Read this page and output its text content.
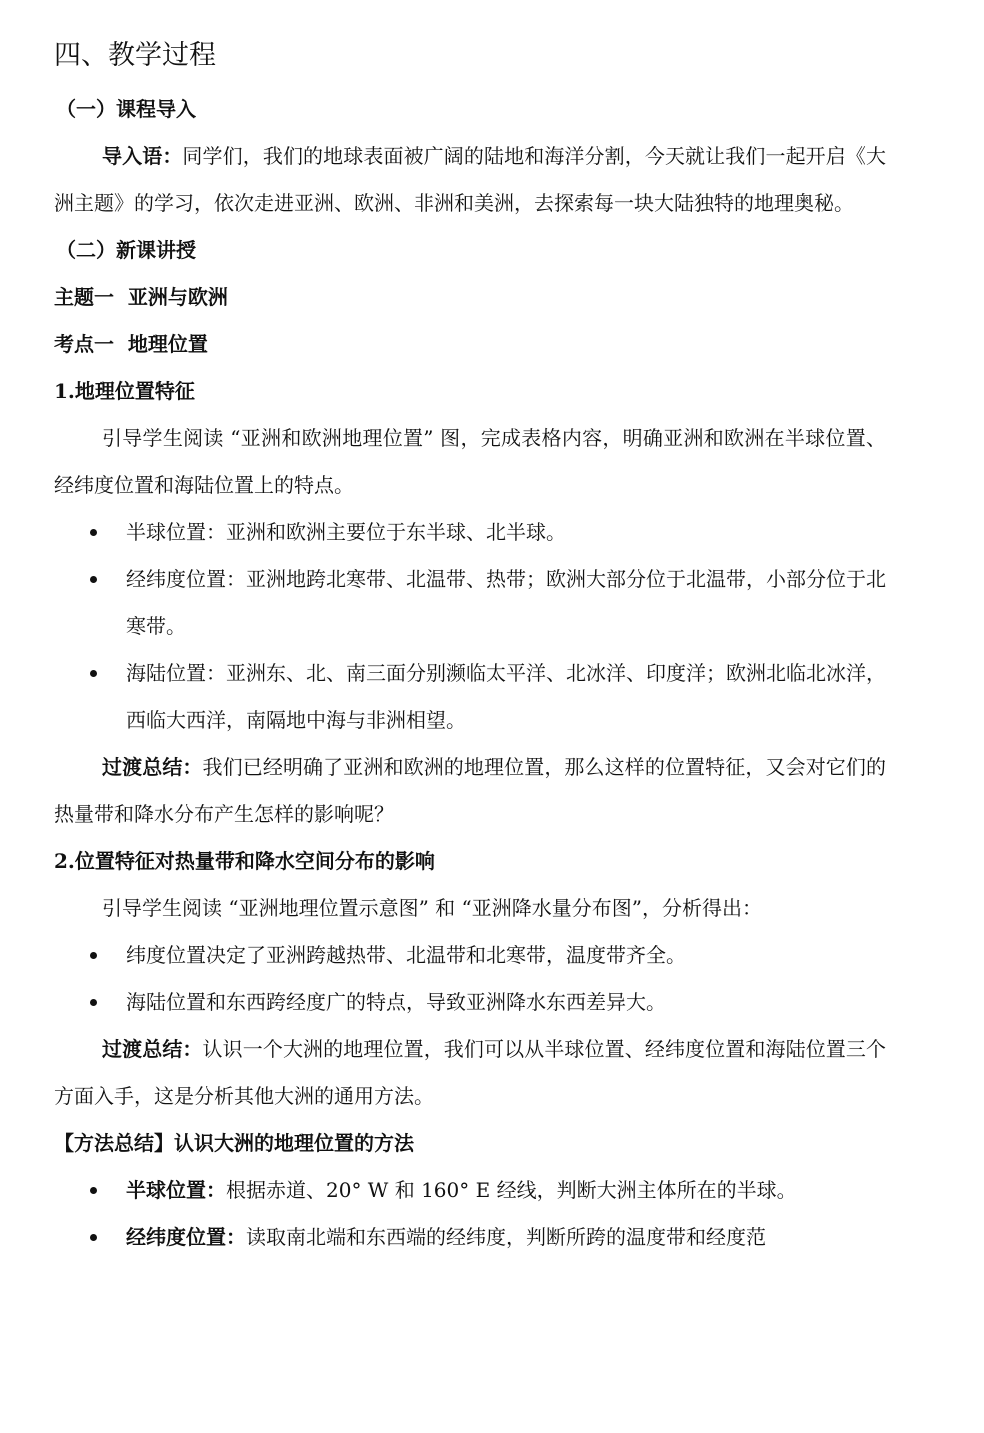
四、教学过程

（一）课程导入

导入语：同学们，我们的地球表面被广阔的陆地和海洋分割，今天就让我们一起开启《大洲主题》的学习，依次走进亚洲、欧洲、非洲和美洲，去探索每一块大陆独特的地理奥秘。

（二）新课讲授

主题一  亚洲与欧洲

考点一  地理位置

1.地理位置特征

引导学生阅读 “亚洲和欧洲地理位置” 图，完成表格内容，明确亚洲和欧洲在半球位置、经纬度位置和海陆位置上的特点。

半球位置：亚洲和欧洲主要位于东半球、北半球。
经纬度位置：亚洲地跨北寒带、北温带、热带；欧洲大部分位于北温带，小部分位于北寒带。
海陆位置：亚洲东、北、南三面分别濒临太平洋、北冰洋、印度洋；欧洲北临北冰洋，西临大西洋，南隔地中海与非洲相望。

过渡总结：我们已经明确了亚洲和欧洲的地理位置，那么这样的位置特征，又会对它们的热量带和降水分布产生怎样的影响呢？

2.位置特征对热量带和降水空间分布的影响

引导学生阅读 “亚洲地理位置示意图” 和 “亚洲降水量分布图”，分析得出：

纬度位置决定了亚洲跨越热带、北温带和北寒带，温度带齐全。
海陆位置和东西跨经度广的特点，导致亚洲降水东西差异大。

过渡总结：认识一个大洲的地理位置，我们可以从半球位置、经纬度位置和海陆位置三个方面入手，这是分析其他大洲的通用方法。

【方法总结】认识大洲的地理位置的方法

半球位置：根据赤道、20° W 和 160° E 经线，判断大洲主体所在的半球。
经纬度位置：读取南北端和东西端的经纬度，判断所跨的温度带和经度范
